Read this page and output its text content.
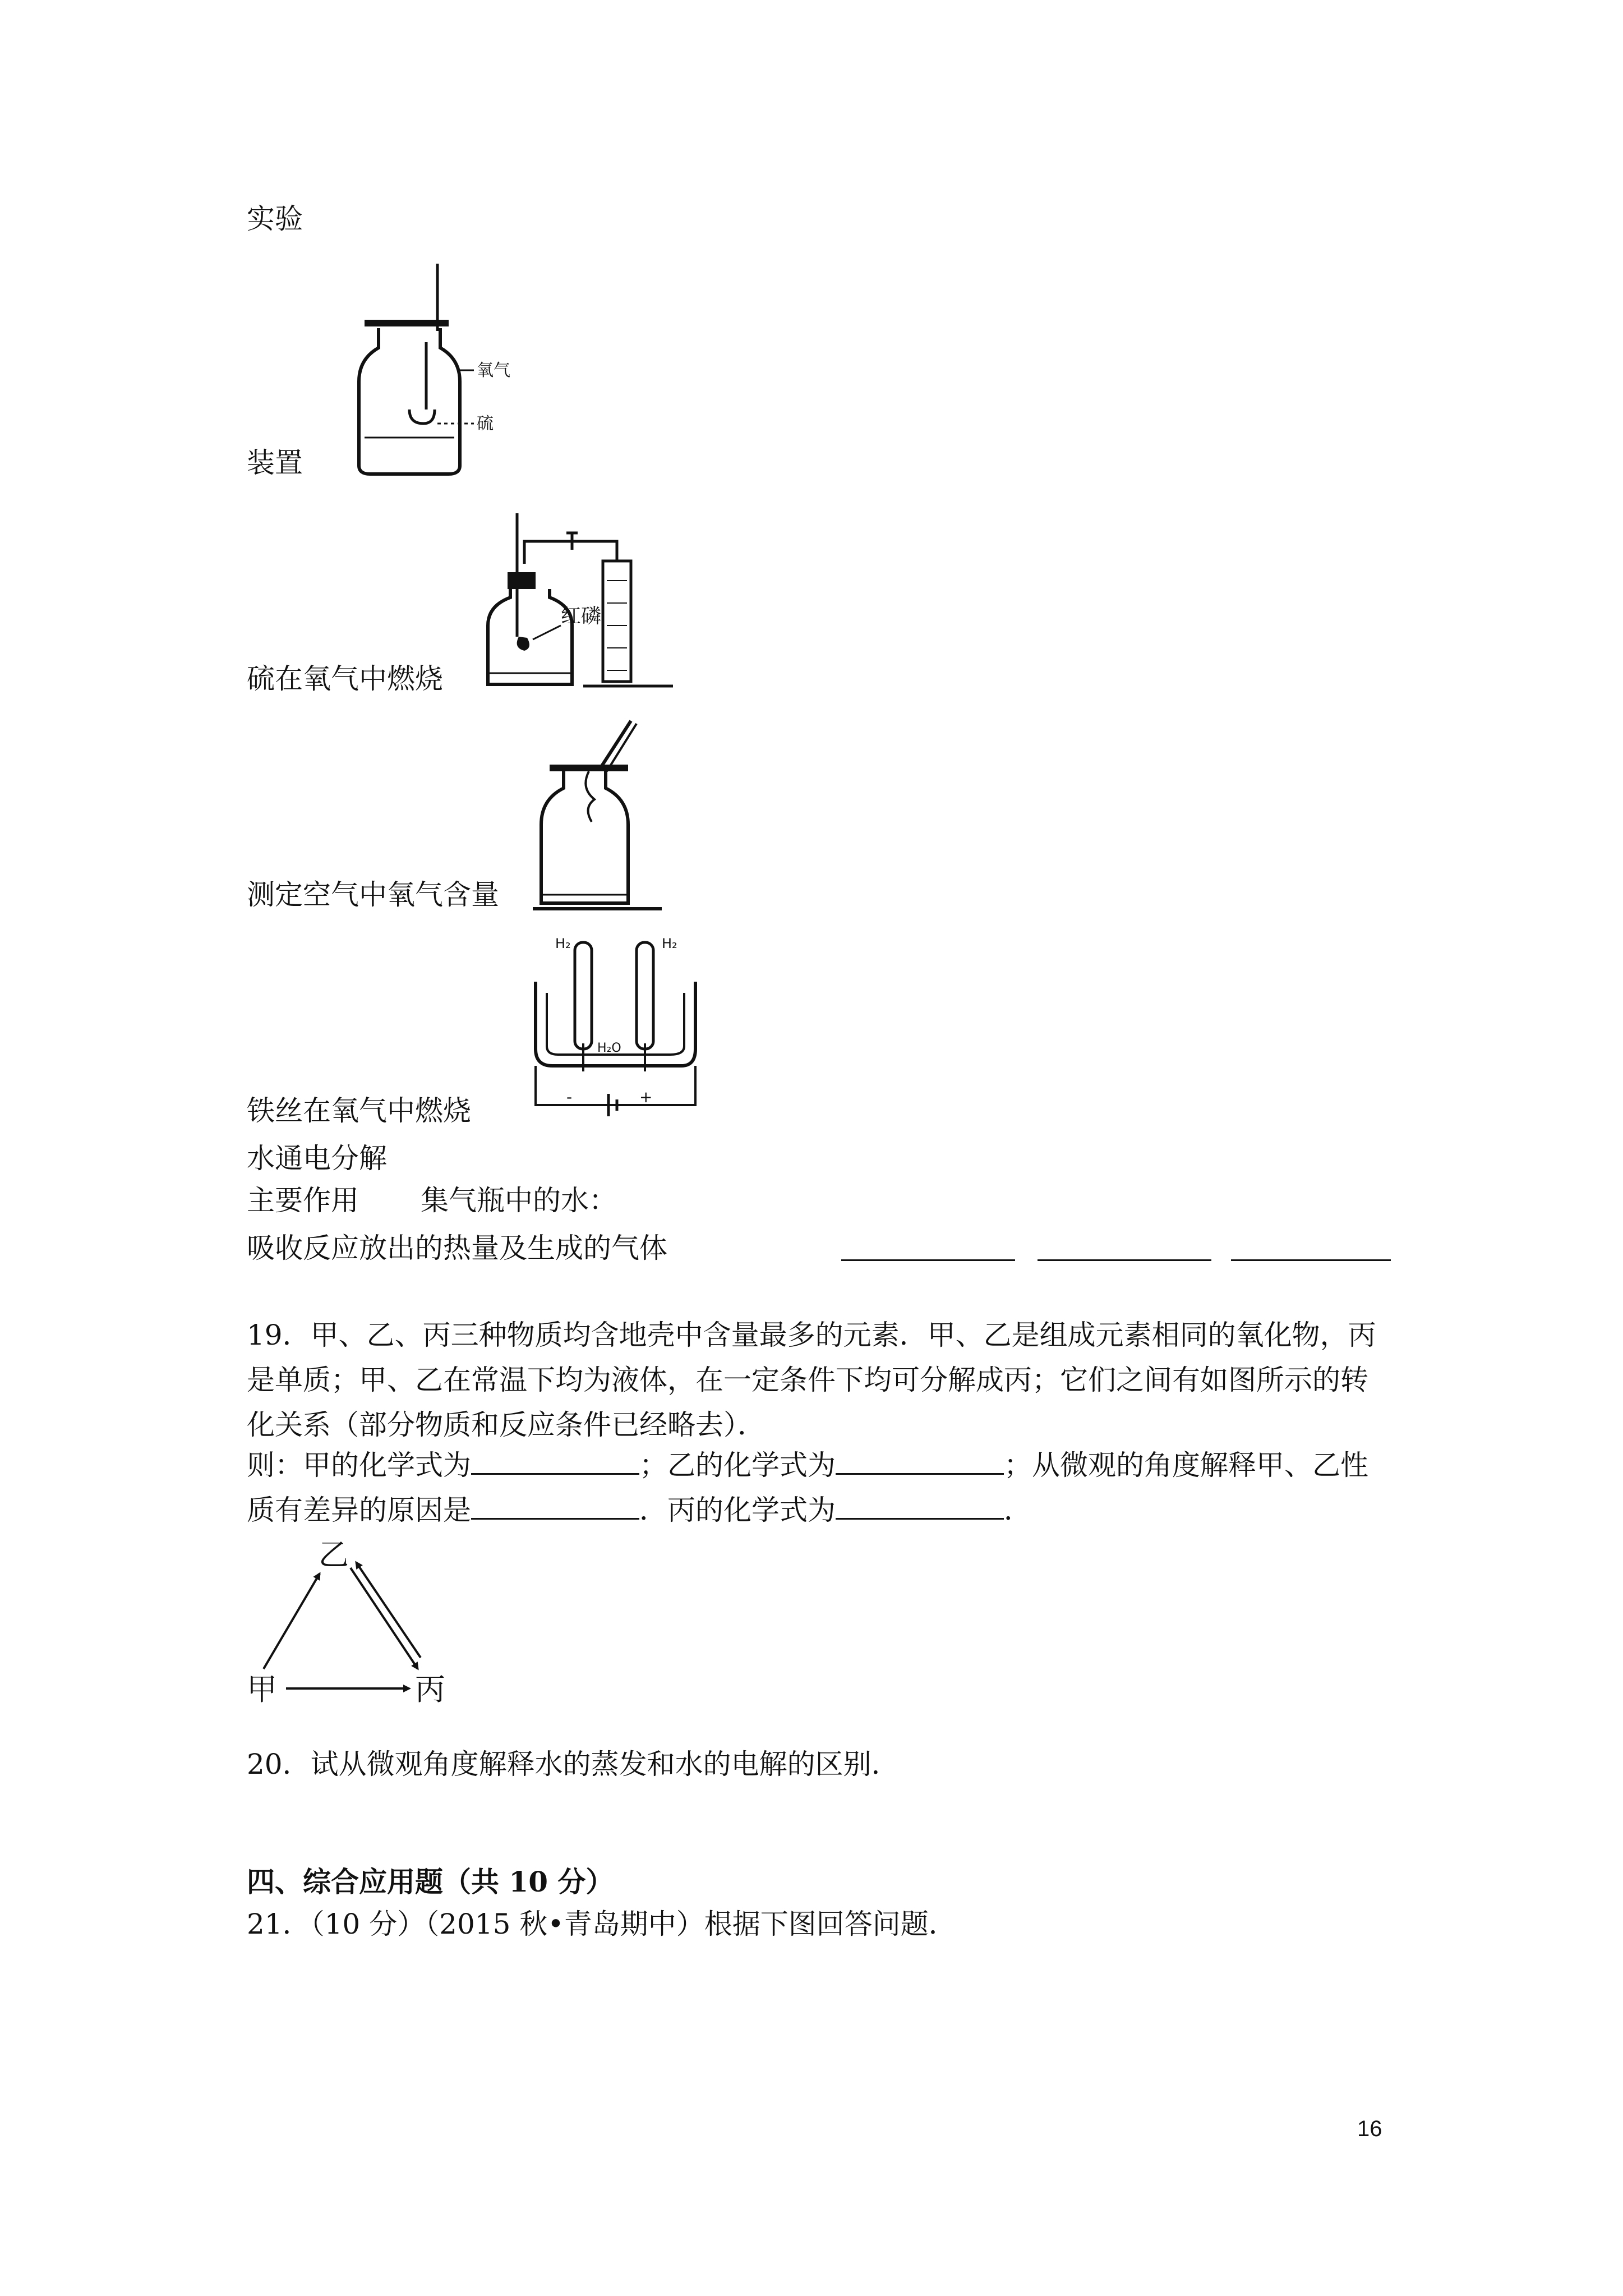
实验
氧气
硫
装置
红磷
硫在氧气中燃烧
测定空气中氧气含量
H₂	H₂
H₂O
-	+
铁丝在氧气中燃烧
水通电分解
主要作用 集气瓶中的水：
吸收反应放出的热量及生成的气体
19．甲、乙、丙三种物质均含地壳中含量最多的元素．甲、乙是组成元素相同的氧化物，丙
是单质；甲、乙在常温下均为液体，在一定条件下均可分解成丙；它们之间有如图所示的转
化关系（部分物质和反应条件已经略去）．
则：甲的化学式为	；乙的化学式为	；从微观的角度解释甲、乙性
质有差异的原因是	．丙的化学式为	．
乙
甲	丙
20．试从微观角度解释水的蒸发和水的电解的区别．
四、综合应用题（共 10 分）
21．（10 分）（2015 秋•青岛期中）根据下图回答问题．
16
